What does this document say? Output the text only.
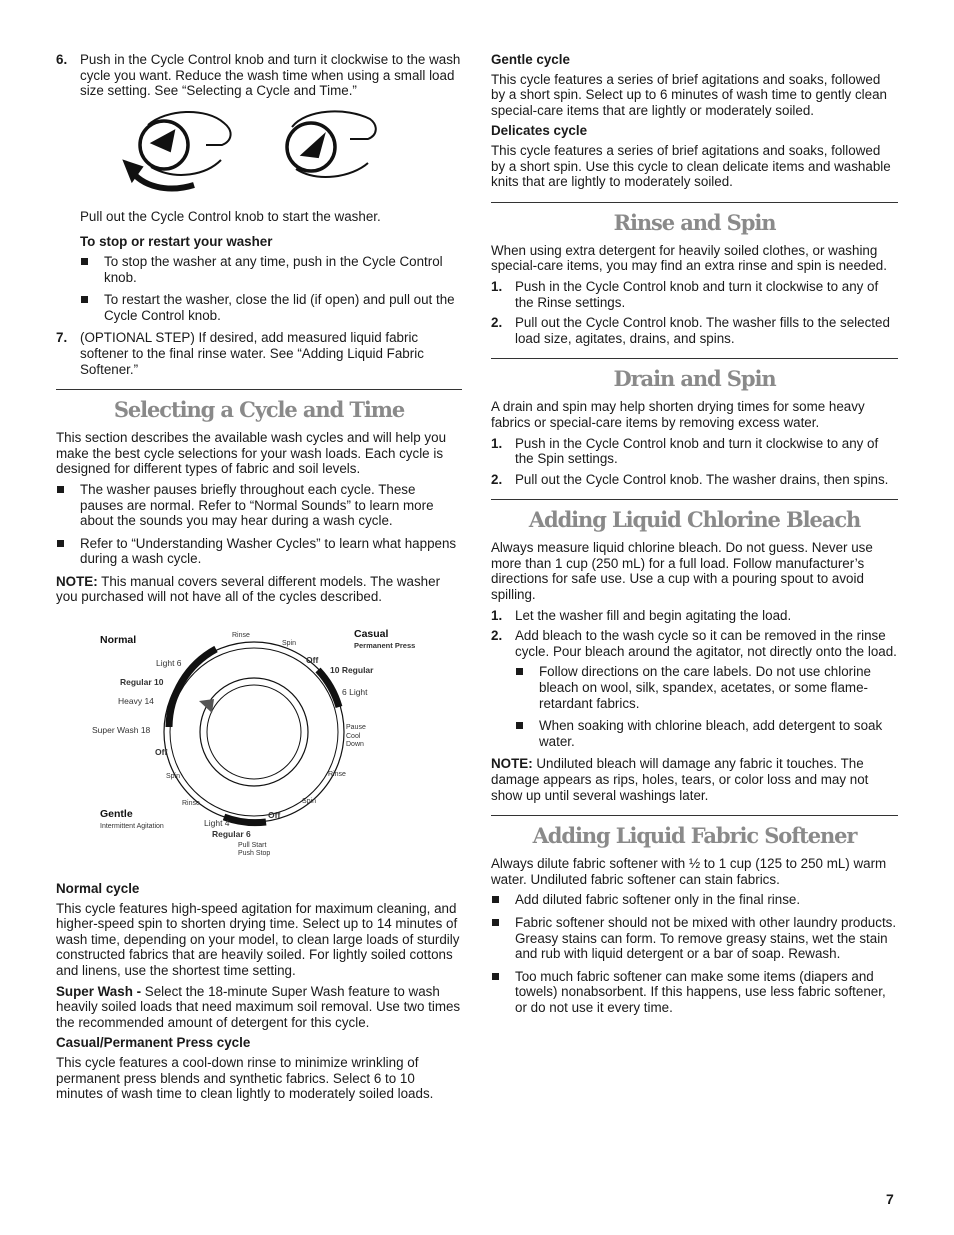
6. Push in the Cycle Control knob and turn it clockwise to the wash cycle you want. Reduce the wash time when using a small load size setting. See “Selecting a Cycle and Time.”

Pull out the Cycle Control knob to start the washer.

To stop or restart your washer

To stop the washer at any time, push in the Cycle Control knob.
To restart the washer, close the lid (if open) and pull out the Cycle Control knob.
7. (OPTIONAL STEP) If desired, add measured liquid fabric softener to the final rinse water. See “Adding Liquid Fabric Softener.”
Selecting a Cycle and Time

This section describes the available wash cycles and will help you make the best cycle selections for your wash loads. Each cycle is designed for different types of fabric and soil levels.

The washer pauses briefly throughout each cycle. These pauses are normal. Refer to “Normal Sounds” to learn more about the sounds you may hear during a wash cycle.
Refer to “Understanding Washer Cycles” to learn what happens during a wash cycle.

NOTE: This manual covers several different models. The washer you purchased will not have all of the cycles described.

Normal
Light 6
Regular 10
Heavy 14
Super Wash 18
Off
Spin
Rinse
Gentle
Intermittent Agitation	Light 4
Regular 6
Pull Start
Push Stop
Off
Rinse
Spin
Off
Casual
Permanent Press
10 Regular
6 Light
Pause
Cool
Down
Rinse
Spin

Normal cycle

This cycle features high-speed agitation for maximum cleaning, and higher-speed spin to shorten drying time. Select up to 14 minutes of wash time, depending on your model, to clean large loads of sturdily constructed fabrics that are heavily soiled. For lightly soiled cottons and linens, use the shortest time setting.

Super Wash - Select the 18-minute Super Wash feature to wash heavily soiled loads that need maximum soil removal. Use two times the recommended amount of detergent for this cycle.

Casual/Permanent Press cycle

This cycle features a cool-down rinse to minimize wrinkling of permanent press blends and synthetic fabrics. Select 6 to 10 minutes of wash time to clean lightly to moderately soiled loads.

Gentle cycle

This cycle features a series of brief agitations and soaks, followed by a short spin. Select up to 6 minutes of wash time to gently clean special-care items that are lightly or moderately soiled.

Delicates cycle

This cycle features a series of brief agitations and soaks, followed by a short spin. Use this cycle to clean delicate items and washable knits that are lightly to moderately soiled.

Rinse and Spin

When using extra detergent for heavily soiled clothes, or washing special-care items, you may find an extra rinse and spin is needed.

1. Push in the Cycle Control knob and turn it clockwise to any of the Rinse settings.
2. Pull out the Cycle Control knob. The washer fills to the selected load size, agitates, drains, and spins.
Drain and Spin

A drain and spin may help shorten drying times for some heavy fabrics or special-care items by removing excess water.

1. Push in the Cycle Control knob and turn it clockwise to any of the Spin settings.
2. Pull out the Cycle Control knob. The washer drains, then spins.
Adding Liquid Chlorine Bleach

Always measure liquid chlorine bleach. Do not guess. Never use more than 1 cup (250 mL) for a full load. Follow manufacturer’s directions for safe use. Use a cup with a pouring spout to avoid spilling.

1. Let the washer fill and begin agitating the load.
2. Add bleach to the wash cycle so it can be removed in the rinse cycle. Pour bleach around the agitator, not directly onto the load.
Follow directions on the care labels. Do not use chlorine bleach on wool, silk, spandex, acetates, or some flame-retardant fabrics.
When soaking with chlorine bleach, add detergent to soak water.

NOTE: Undiluted bleach will damage any fabric it touches. The damage appears as rips, holes, tears, or color loss and may not show up until several washings later.

Adding Liquid Fabric Softener

Always dilute fabric softener with ½ to 1 cup (125 to 250 mL) warm water. Undiluted fabric softener can stain fabrics.

Add diluted fabric softener only in the final rinse.
Fabric softener should not be mixed with other laundry products. Greasy stains can form. To remove greasy stains, wet the stain and rub with liquid detergent or a bar of soap. Rewash.
Too much fabric softener can make some items (diapers and towels) nonabsorbent. If this happens, use less fabric softener, or do not use it every time.
7
